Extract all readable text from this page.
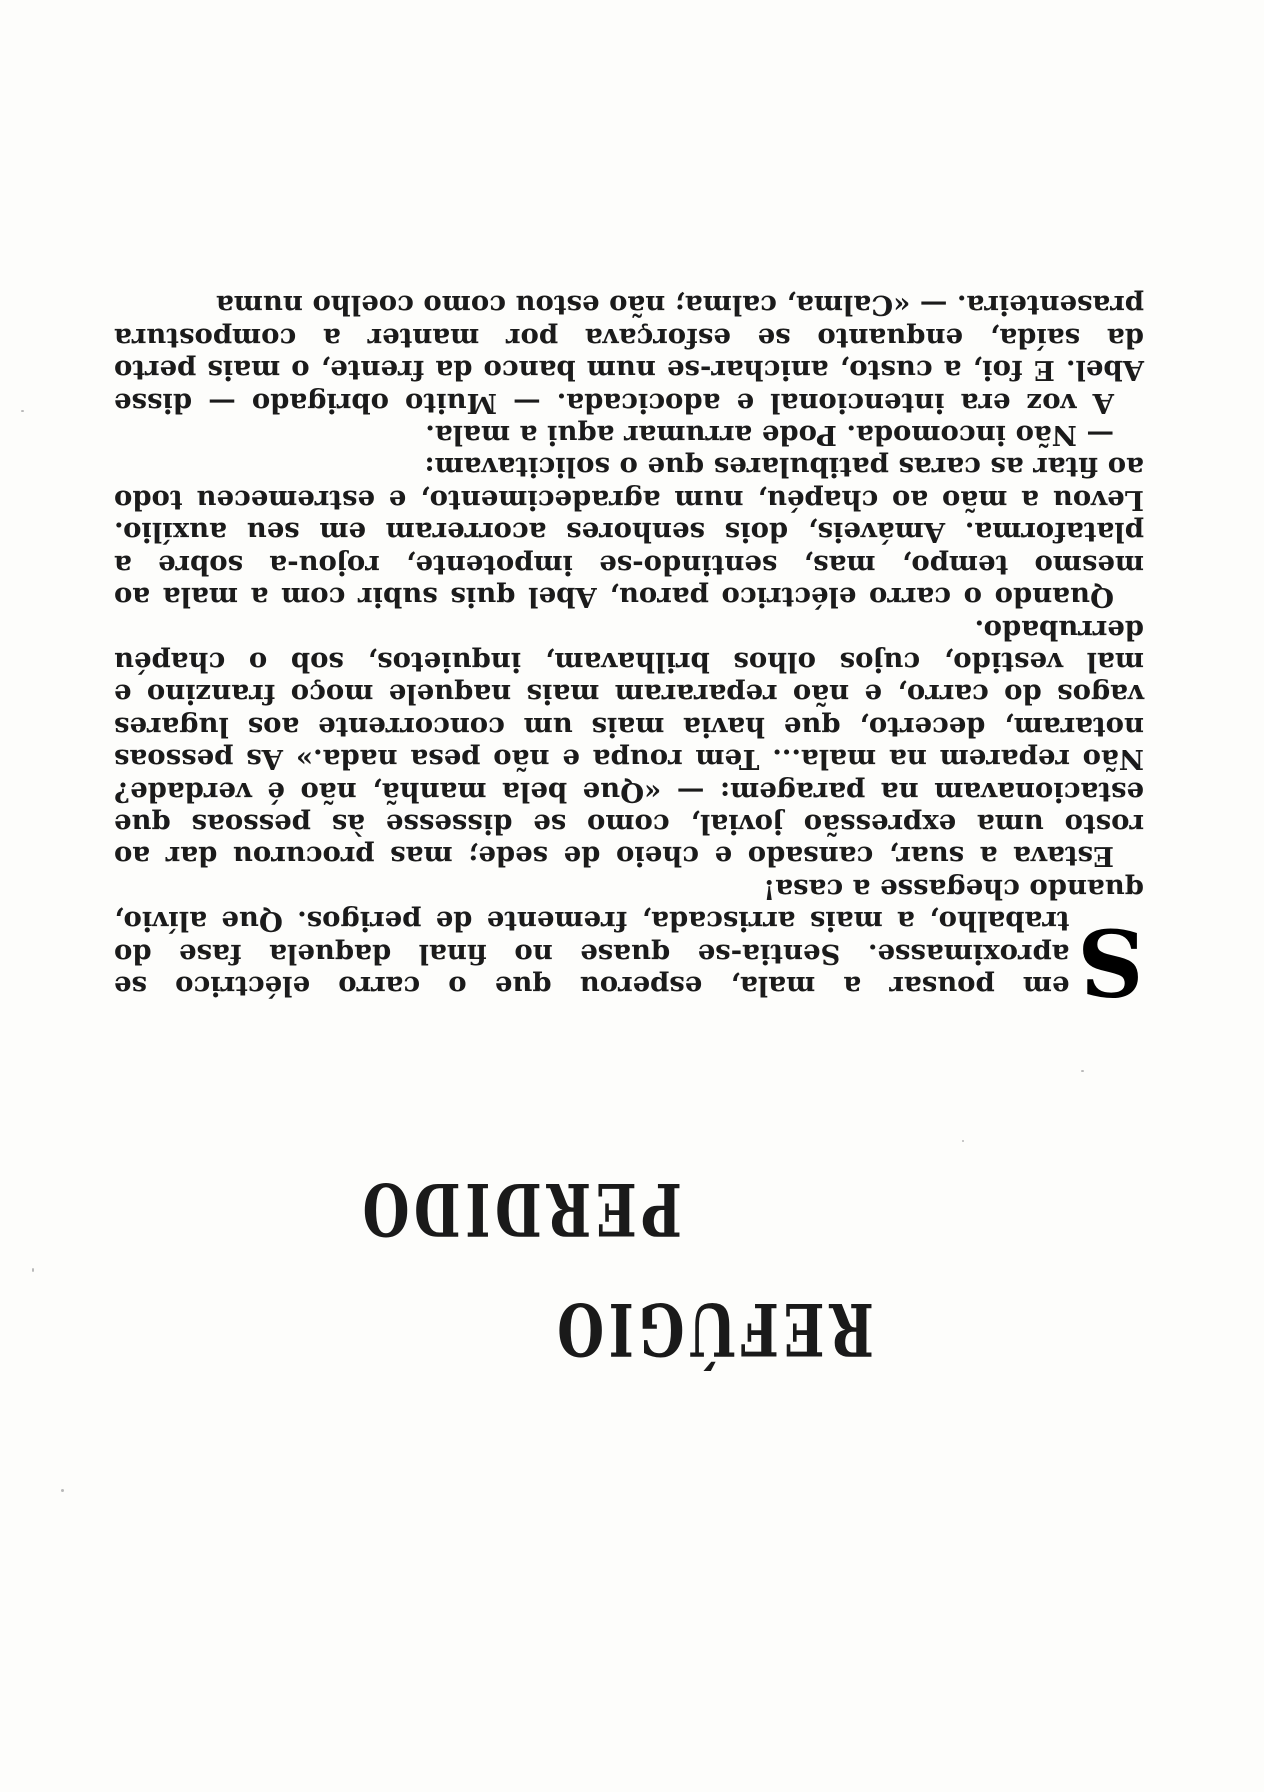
REFÚGIO
PERDIDO

S
em pousar a mala, esperou que o carro eléctrico se aproximasse. Sentia-se quase no final daquela fase do trabalho, a mais arriscada, fremente de perigos. Que alívio, quando chegasse a casa!

Estava a suar, cansado e cheio de sede; mas procurou dar ao rosto uma expressão jovial, como se dissesse às pessoas que estacionavam na paragem: — «Que bela manhã, não é verdade? Não reparem na mala... Tem roupa e não pesa nada.» As pessoas notaram, decerto, que havia mais um concorrente aos lugares vagos do carro, e não repararam mais naquele moço franzino e mal vestido, cujos olhos brilhavam, inquietos, sob o chapéu derrubado.

Quando o carro eléctrico parou, Abel quis subir com a mala ao mesmo tempo, mas, sentindo-se impotente, rojou-a sobre a plataforma. Amáveis, dois senhores acorreram em seu auxílio. Levou a mão ao chapéu, num agradecimento, e estremeceu todo ao fitar as caras patibulares que o solicitavam:

— Não incomoda. Pode arrumar aqui a mala.

A voz era intencional e adocicada. — Muito obrigado — disse Abel. E foi, a custo, anichar-se num banco da frente, o mais perto da saída, enquanto se esforçava por manter a compostura prasenteira. — «Calma, calma; não estou como coelho numa
